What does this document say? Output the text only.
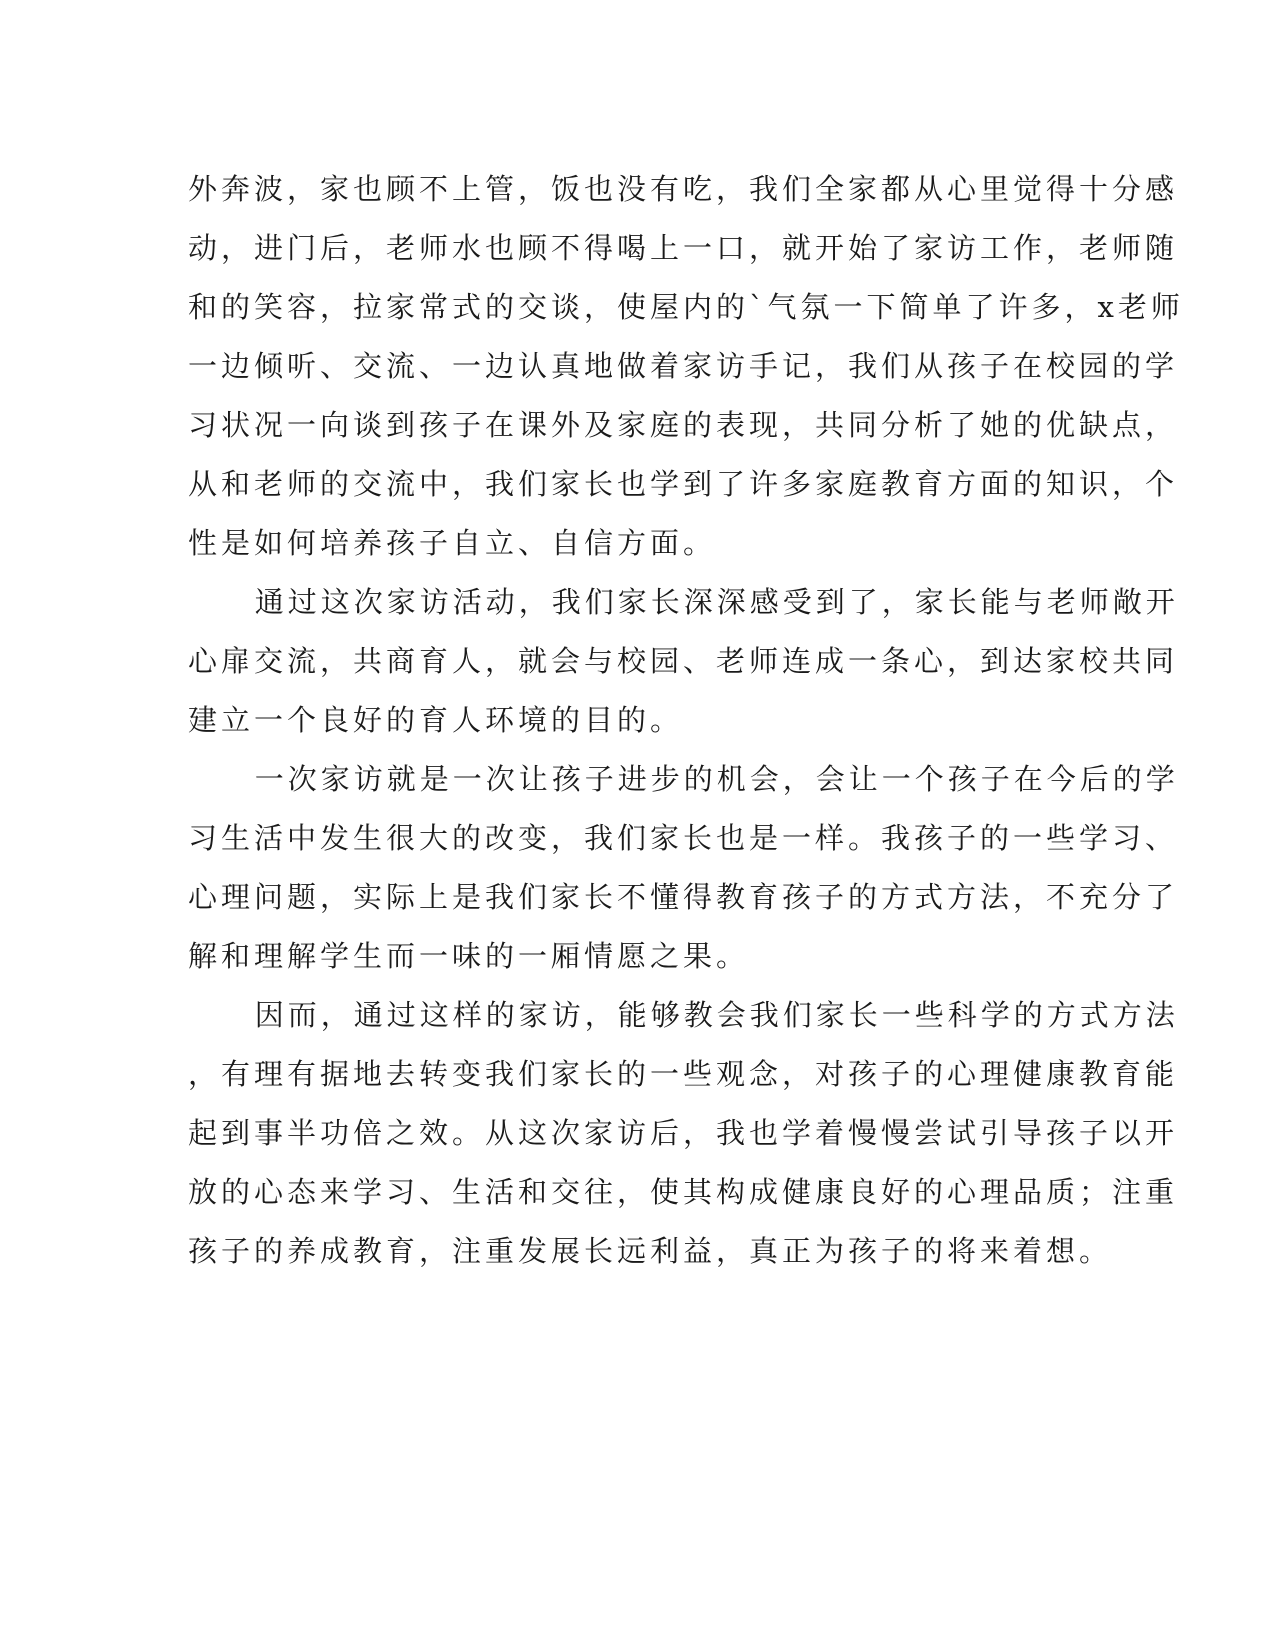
外奔波，家也顾不上管，饭也没有吃，我们全家都从心里觉得十分感
动，进门后，老师水也顾不得喝上一口，就开始了家访工作，老师随
和的笑容，拉家常式的交谈，使屋内的`气氛一下简单了许多，x老师
一边倾听、交流、一边认真地做着家访手记，我们从孩子在校园的学
习状况一向谈到孩子在课外及家庭的表现，共同分析了她的优缺点，
从和老师的交流中，我们家长也学到了许多家庭教育方面的知识，个
性是如何培养孩子自立、自信方面。

通过这次家访活动，我们家长深深感受到了，家长能与老师敞开
心扉交流，共商育人，就会与校园、老师连成一条心，到达家校共同
建立一个良好的育人环境的目的。

一次家访就是一次让孩子进步的机会，会让一个孩子在今后的学
习生活中发生很大的改变，我们家长也是一样。我孩子的一些学习、
心理问题，实际上是我们家长不懂得教育孩子的方式方法，不充分了
解和理解学生而一味的一厢情愿之果。

因而，通过这样的家访，能够教会我们家长一些科学的方式方法
，有理有据地去转变我们家长的一些观念，对孩子的心理健康教育能
起到事半功倍之效。从这次家访后，我也学着慢慢尝试引导孩子以开
放的心态来学习、生活和交往，使其构成健康良好的心理品质；注重
孩子的养成教育，注重发展长远利益，真正为孩子的将来着想。
